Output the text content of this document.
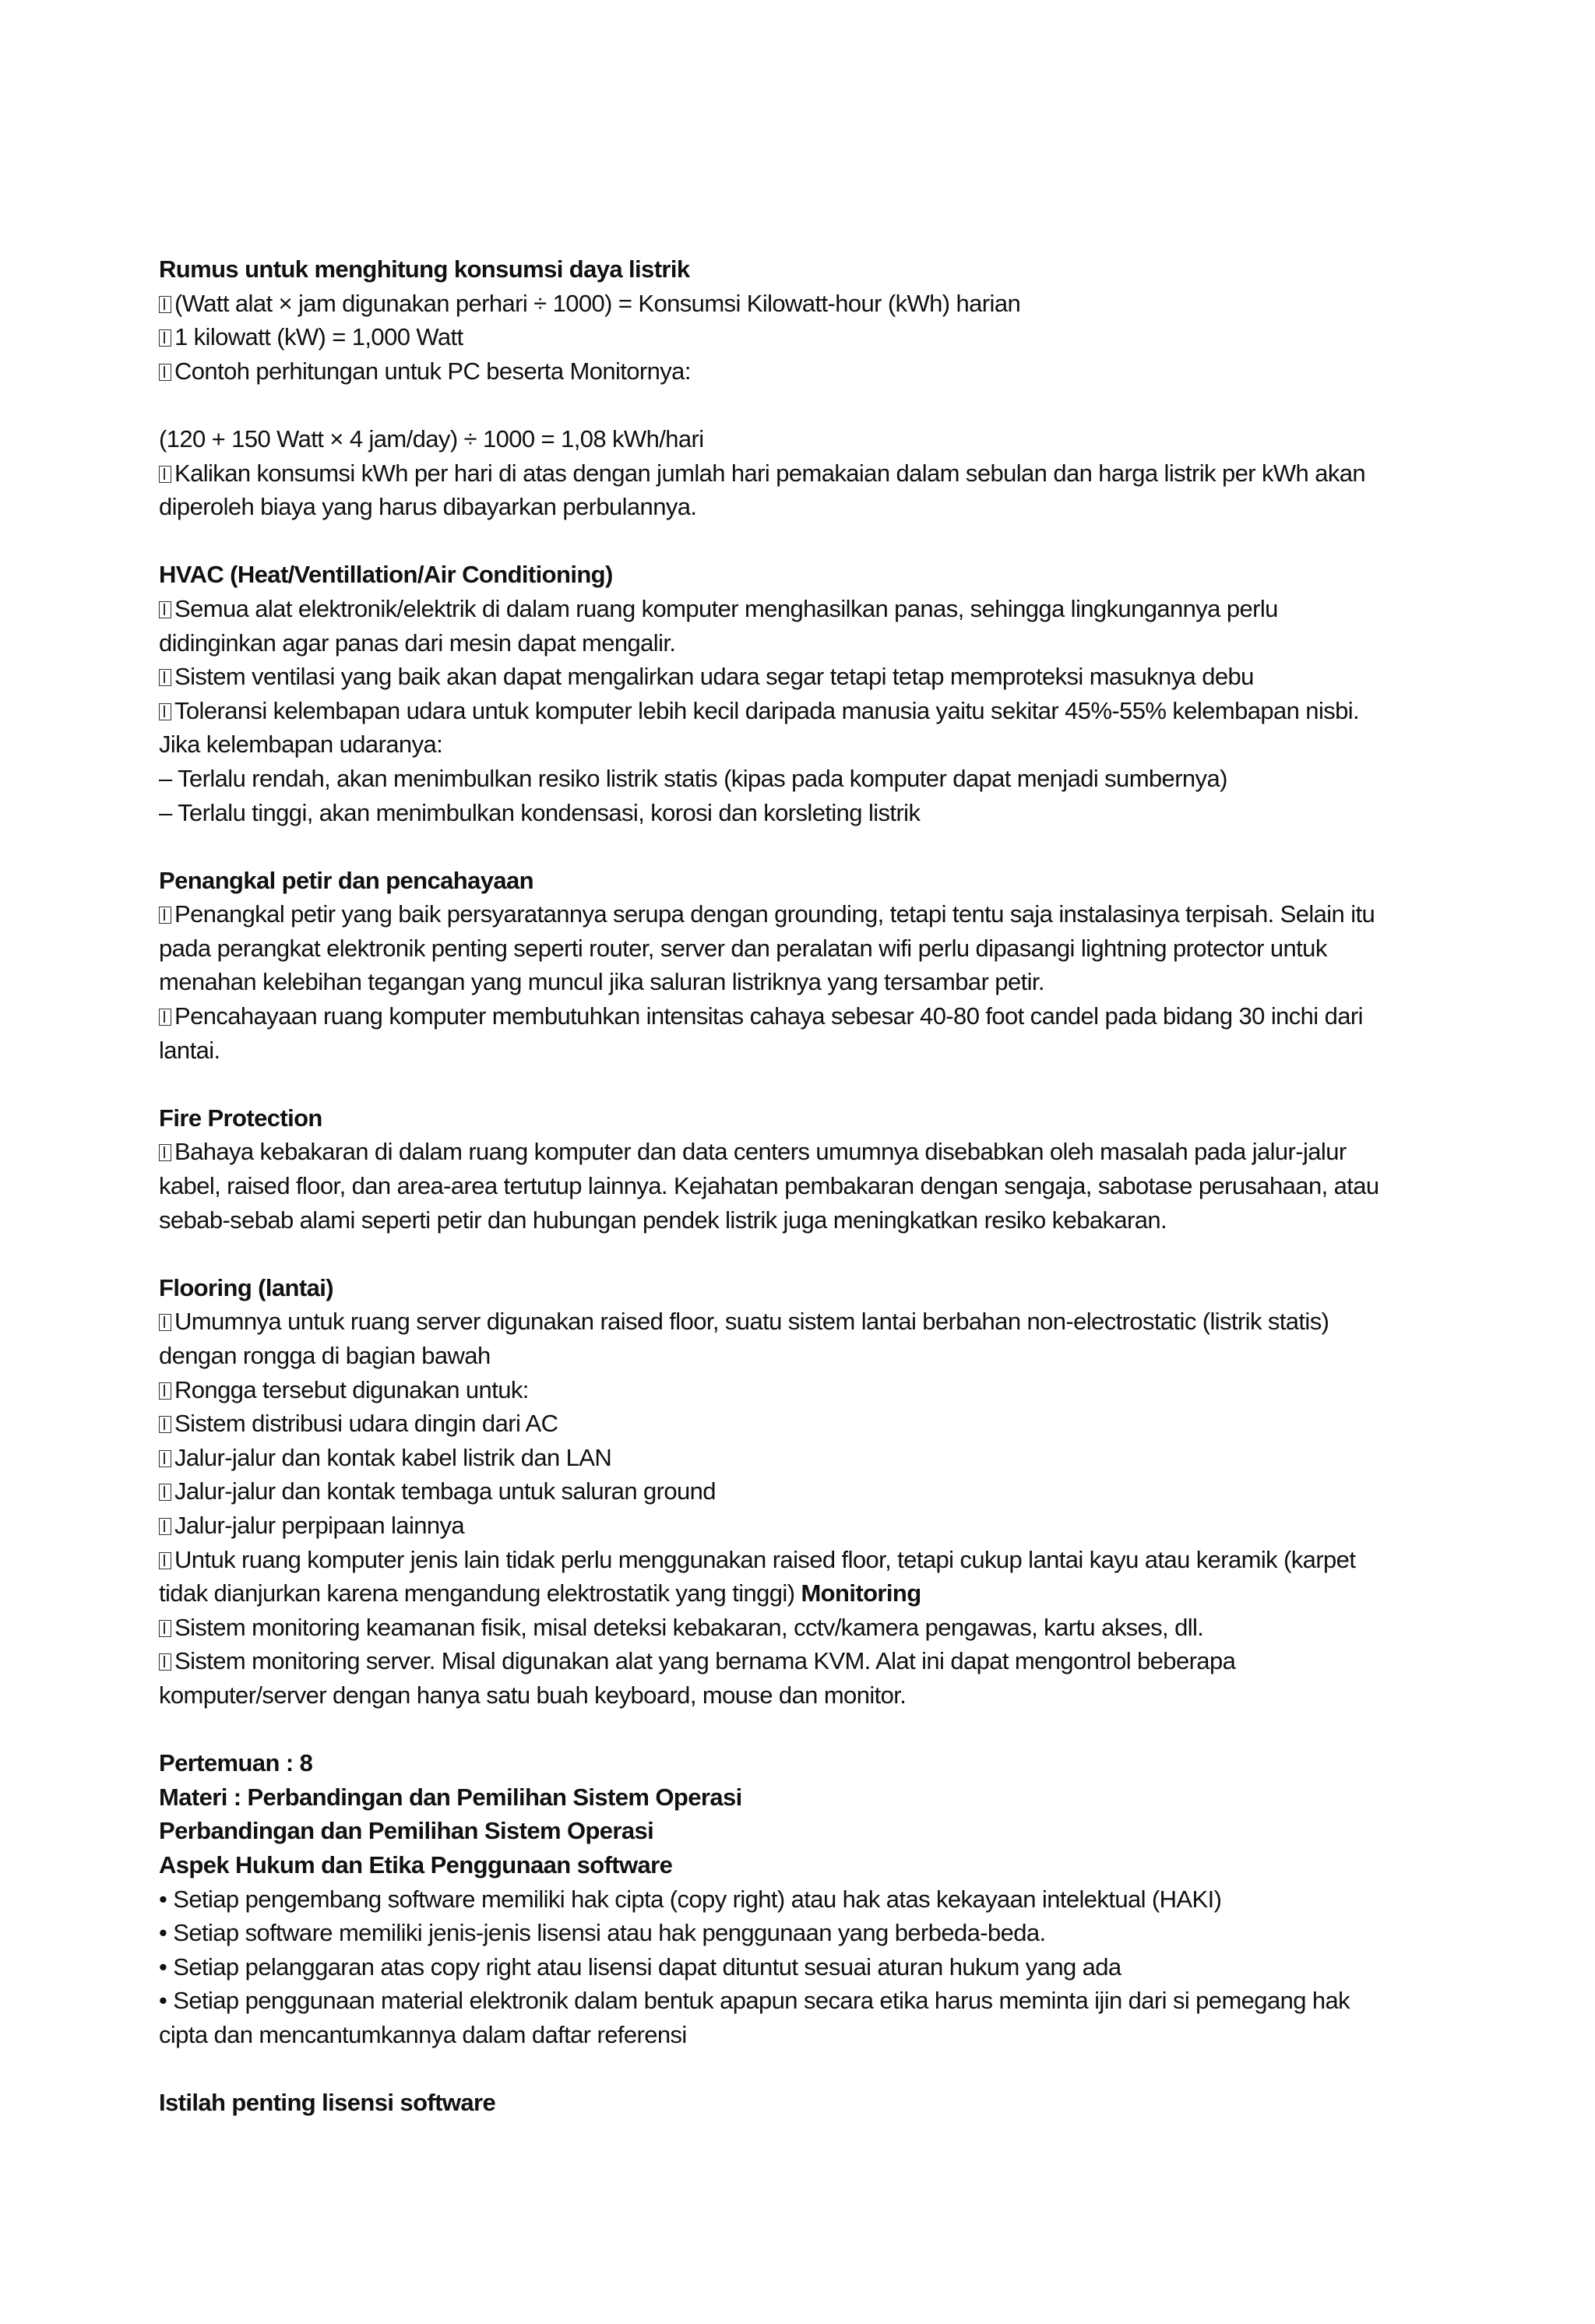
Rumus untuk menghitung konsumsi daya listrik
(Watt alat × jam digunakan perhari ÷ 1000) = Konsumsi Kilowatt-hour (kWh) harian
1 kilowatt (kW) = 1,000 Watt
Contoh perhitungan untuk PC beserta Monitornya:
(120 + 150 Watt × 4 jam/day) ÷ 1000 = 1,08 kWh/hari
Kalikan konsumsi kWh per hari di atas dengan jumlah hari pemakaian dalam sebulan dan harga listrik per kWh akan
diperoleh biaya yang harus dibayarkan perbulannya.
HVAC (Heat/Ventillation/Air Conditioning)
Semua alat elektronik/elektrik di dalam ruang komputer menghasilkan panas, sehingga lingkungannya perlu
didinginkan agar panas dari mesin dapat mengalir.
Sistem ventilasi yang baik akan dapat mengalirkan udara segar tetapi tetap memproteksi masuknya debu
Toleransi kelembapan udara untuk komputer lebih kecil daripada manusia yaitu sekitar 45%-55% kelembapan nisbi.
Jika kelembapan udaranya:
– Terlalu rendah, akan menimbulkan resiko listrik statis (kipas pada komputer dapat menjadi sumbernya)
– Terlalu tinggi, akan menimbulkan kondensasi, korosi dan korsleting listrik
Penangkal petir dan pencahayaan
Penangkal petir yang baik persyaratannya serupa dengan grounding, tetapi tentu saja instalasinya terpisah. Selain itu
pada perangkat elektronik penting seperti router, server dan peralatan wifi perlu dipasangi lightning protector untuk
menahan kelebihan tegangan yang muncul jika saluran listriknya yang tersambar petir.
Pencahayaan ruang komputer membutuhkan intensitas cahaya sebesar 40-80 foot candel pada bidang 30 inchi dari
lantai.
Fire Protection
Bahaya kebakaran di dalam ruang komputer dan data centers umumnya disebabkan oleh masalah pada jalur-jalur
kabel, raised floor, dan area-area tertutup lainnya. Kejahatan pembakaran dengan sengaja, sabotase perusahaan, atau
sebab-sebab alami seperti petir dan hubungan pendek listrik juga meningkatkan resiko kebakaran.
Flooring (lantai)
Umumnya untuk ruang server digunakan raised floor, suatu sistem lantai berbahan non-electrostatic (listrik statis)
dengan rongga di bagian bawah
Rongga tersebut digunakan untuk:
Sistem distribusi udara dingin dari AC
Jalur-jalur dan kontak kabel listrik dan LAN
Jalur-jalur dan kontak tembaga untuk saluran ground
Jalur-jalur perpipaan lainnya
Untuk ruang komputer jenis lain tidak perlu menggunakan raised floor, tetapi cukup lantai kayu atau keramik (karpet
tidak dianjurkan karena mengandung elektrostatik yang tinggi) Monitoring
Sistem monitoring keamanan fisik, misal deteksi kebakaran, cctv/kamera pengawas, kartu akses, dll.
Sistem monitoring server. Misal digunakan alat yang bernama KVM. Alat ini dapat mengontrol beberapa
komputer/server dengan hanya satu buah keyboard, mouse dan monitor.
Pertemuan : 8
Materi : Perbandingan dan Pemilihan Sistem Operasi
Perbandingan dan Pemilihan Sistem Operasi
Aspek Hukum dan Etika Penggunaan software
• Setiap pengembang software memiliki hak cipta (copy right) atau hak atas kekayaan intelektual (HAKI)
• Setiap software memiliki jenis-jenis lisensi atau hak penggunaan yang berbeda-beda.
• Setiap pelanggaran atas copy right atau lisensi dapat dituntut sesuai aturan hukum yang ada
• Setiap penggunaan material elektronik dalam bentuk apapun secara etika harus meminta ijin dari si pemegang hak
cipta dan mencantumkannya dalam daftar referensi
Istilah penting lisensi software
